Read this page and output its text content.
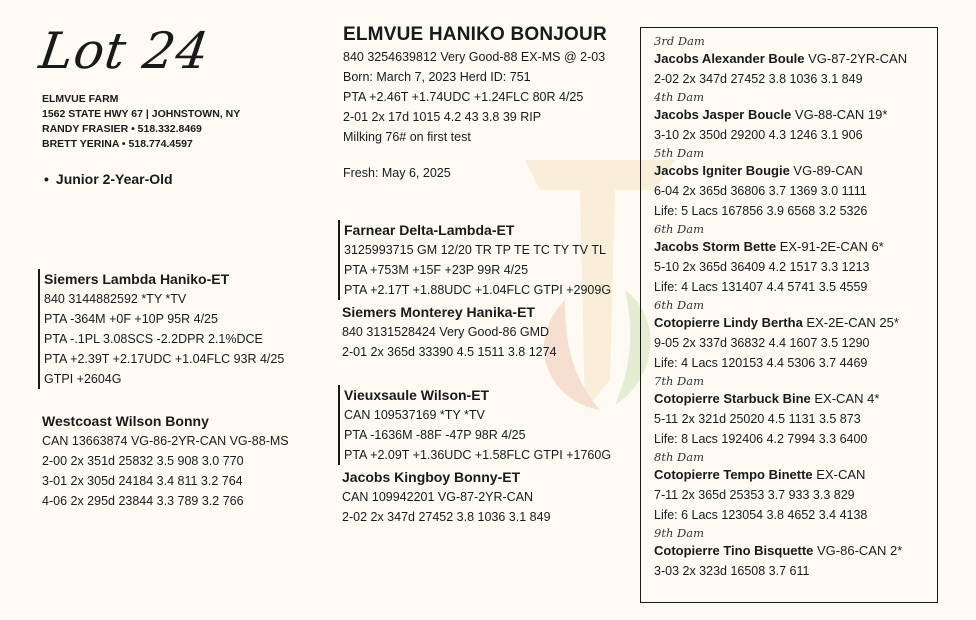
Lot 24
ELMVUE FARM
1562 STATE HWY 67 | JOHNSTOWN, NY
RANDY FRASIER • 518.332.8469
BRETT YERINA • 518.774.4597
• Junior 2-Year-Old
ELMVUE HANIKO BONJOUR
840 3254639812 Very Good-88 EX-MS @ 2-03
Born: March 7, 2023 Herd ID: 751
PTA +2.46T +1.74UDC +1.24FLC 80R 4/25
2-01 2x 17d 1015 4.2 43 3.8 39 RIP
Milking 76# on first test
Fresh: May 6, 2025
Siemers Lambda Haniko-ET
840 3144882592 *TY *TV
PTA -364M +0F +10P 95R 4/25
PTA -.1PL 3.08SCS -2.2DPR 2.1%DCE
PTA +2.39T +2.17UDC +1.04FLC 93R 4/25
GTPI +2604G
Westcoast Wilson Bonny
CAN 13663874 VG-86-2YR-CAN VG-88-MS
2-00 2x 351d 25832 3.5 908 3.0 770
3-01 2x 305d 24184 3.4 811 3.2 764
4-06 2x 295d 23844 3.3 789 3.2 766
Farnear Delta-Lambda-ET
3125993715 GM 12/20 TR TP TE TC TY TV TL
PTA +753M +15F +23P 99R 4/25
PTA +2.17T +1.88UDC +1.04FLC GTPI +2909G
Siemers Monterey Hanika-ET
840 3131528424 Very Good-86 GMD
2-01 2x 365d 33390 4.5 1511 3.8 1274
Vieuxsaule Wilson-ET
CAN 109537169 *TY *TV
PTA -1636M -88F -47P 98R 4/25
PTA +2.09T +1.36UDC +1.58FLC GTPI +1760G
Jacobs Kingboy Bonny-ET
CAN 109942201 VG-87-2YR-CAN
2-02 2x 347d 27452 3.8 1036 3.1 849
3rd Dam
Jacobs Alexander Boule VG-87-2YR-CAN
2-02 2x 347d 27452 3.8 1036 3.1 849
4th Dam
Jacobs Jasper Boucle VG-88-CAN 19*
3-10 2x 350d 29200 4.3 1246 3.1 906
5th Dam
Jacobs Igniter Bougie VG-89-CAN
6-04 2x 365d 36806 3.7 1369 3.0 1111
Life: 5 Lacs 167856 3.9 6568 3.2 5326
6th Dam
Jacobs Storm Bette EX-91-2E-CAN 6*
5-10 2x 365d 36409 4.2 1517 3.3 1213
Life: 4 Lacs 131407 4.4 5741 3.5 4559
6th Dam
Cotopierre Lindy Bertha EX-2E-CAN 25*
9-05 2x 337d 36832 4.4 1607 3.5 1290
Life: 4 Lacs 120153 4.4 5306 3.7 4469
7th Dam
Cotopierre Starbuck Bine EX-CAN 4*
5-11 2x 321d 25020 4.5 1131 3.5 873
Life: 8 Lacs 192406 4.2 7994 3.3 6400
8th Dam
Cotopierre Tempo Binette EX-CAN
7-11 2x 365d 25353 3.7 933 3.3 829
Life: 6 Lacs 123054 3.8 4652 3.4 4138
9th Dam
Cotopierre Tino Bisquette VG-86-CAN 2*
3-03 2x 323d 16508 3.7 611
